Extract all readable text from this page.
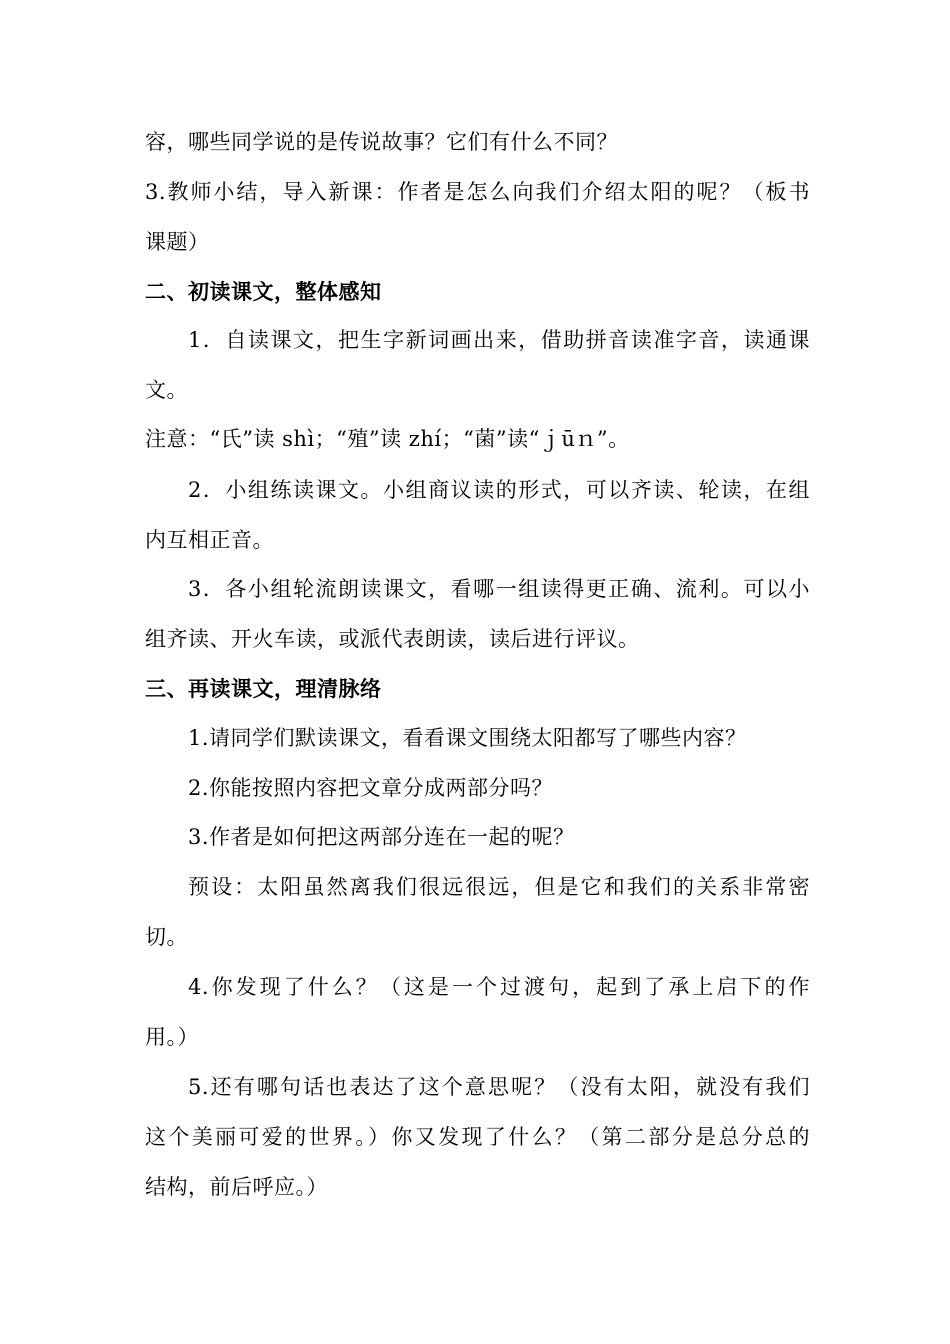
容，哪些同学说的是传说故事？它们有什么不同？
3.教师小结，导入新课：作者是怎么向我们介绍太阳的呢？（板书
课题）
二、初读课文，整体感知
1．自读课文，把生字新词画出来，借助拼音读准字音，读通课
文。
注意：“氏”读 shì；“殖”读 zhí；“菌”读“ｊūｎ”。
2．小组练读课文。小组商议读的形式，可以齐读、轮读，在组
内互相正音。
3．各小组轮流朗读课文，看哪一组读得更正确、流利。可以小
组齐读、开火车读，或派代表朗读，读后进行评议。
三、再读课文，理清脉络
1.请同学们默读课文，看看课文围绕太阳都写了哪些内容？
2.你能按照内容把文章分成两部分吗？
3.作者是如何把这两部分连在一起的呢？
预设：太阳虽然离我们很远很远，但是它和我们的关系非常密
切。
4.你发现了什么？（这是一个过渡句，起到了承上启下的作
用。）
5.还有哪句话也表达了这个意思呢？（没有太阳，就没有我们
这个美丽可爱的世界。）你又发现了什么？（第二部分是总分总的
结构，前后呼应。）
